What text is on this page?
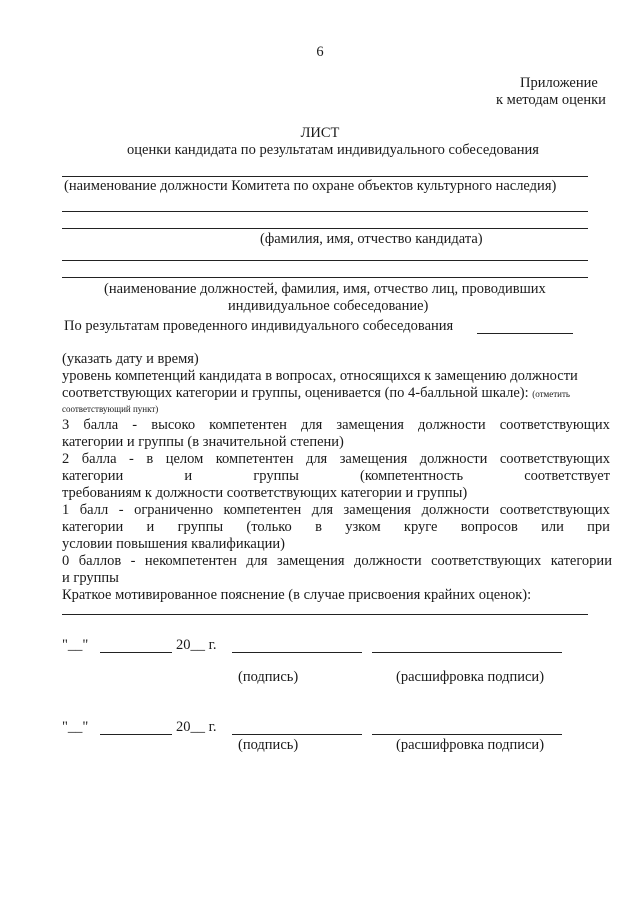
6
Приложение
к методам оценки
ЛИСТ
оценки кандидата по результатам индивидуального собеседования
(наименование должности Комитета по охране объектов культурного наследия)
(фамилия, имя, отчество кандидата)
(наименование должностей, фамилия, имя, отчество лиц, проводивших
индивидуальное собеседование)
По результатам проведенного индивидуального собеседования
(указать дату и время)
уровень компетенций кандидата в вопросах, относящихся к замещению должности
соответствующих категории и группы, оценивается (по 4-балльной шкале): (отметить
соответствующий пункт)
3 балла - высоко компетентен для замещения должности соответствующих
категории и группы (в значительной степени)
2 балла - в целом компетентен для замещения должности соответствующих
категории	и	группы	(компетентность	соответствует
требованиям к должности соответствующих категории и группы)
1 балл - ограниченно компетентен для замещения должности соответствующих
категории и группы (только в узком круге вопросов или при
условии повышения квалификации)
0 баллов - некомпетентен для замещения должности соответствующих категории
и группы
Краткое мотивированное пояснение (в случае присвоения крайних оценок):
"__"	20__ г.
(подпись)	(расшифровка подписи)
"__"	20__ г.
(подпись)	(расшифровка подписи)
